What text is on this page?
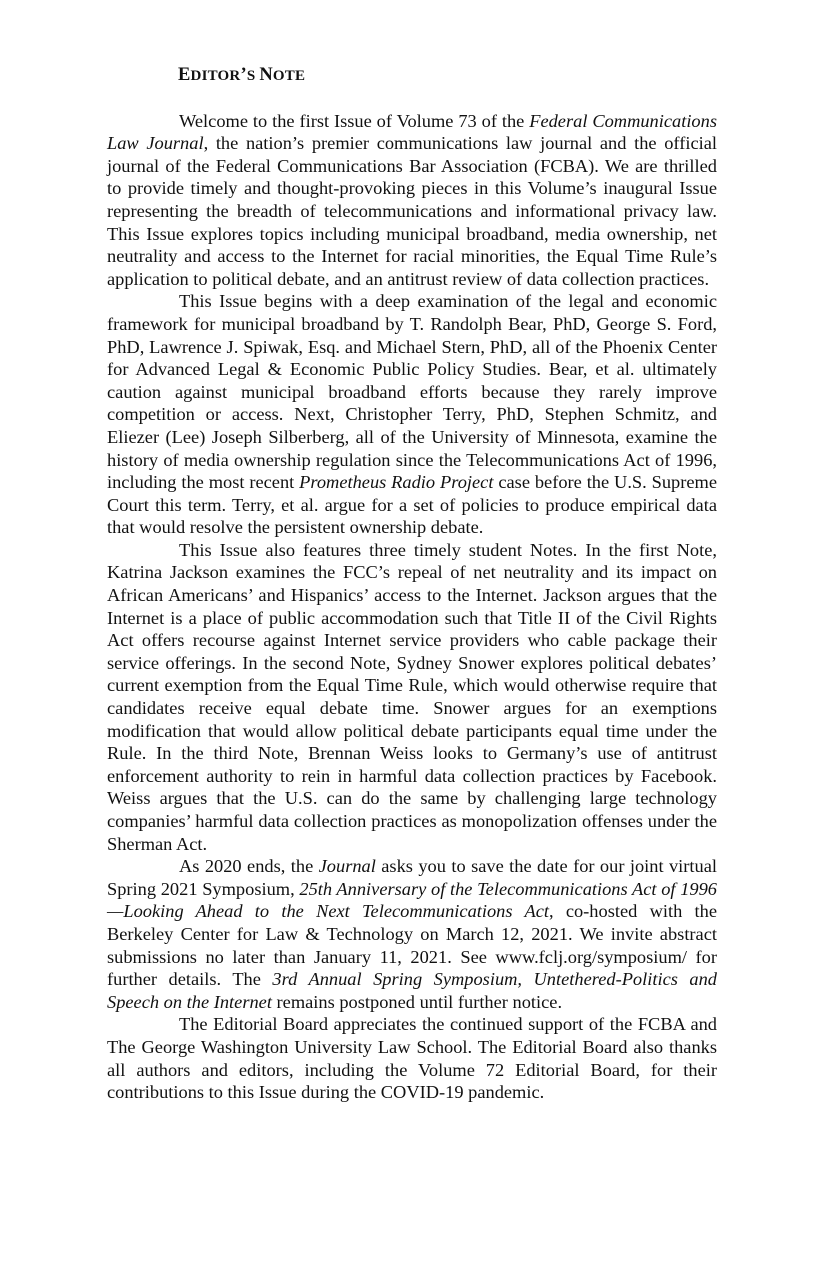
EDITOR’S NOTE

Welcome to the first Issue of Volume 73 of the Federal Communications Law Journal, the nation’s premier communications law journal and the official journal of the Federal Communications Bar Association (FCBA). We are thrilled to provide timely and thought-provoking pieces in this Volume’s inaugural Issue representing the breadth of telecommunications and informational privacy law. This Issue explores topics including municipal broadband, media ownership, net neutrality and access to the Internet for racial minorities, the Equal Time Rule’s application to political debate, and an antitrust review of data collection practices.

This Issue begins with a deep examination of the legal and economic framework for municipal broadband by T. Randolph Bear, PhD, George S. Ford, PhD, Lawrence J. Spiwak, Esq. and Michael Stern, PhD, all of the Phoenix Center for Advanced Legal & Economic Public Policy Studies. Bear, et al. ultimately caution against municipal broadband efforts because they rarely improve competition or access. Next, Christopher Terry, PhD, Stephen Schmitz, and Eliezer (Lee) Joseph Silberberg, all of the University of Minnesota, examine the history of media ownership regulation since the Telecommunications Act of 1996, including the most recent Prometheus Radio Project case before the U.S. Supreme Court this term. Terry, et al. argue for a set of policies to produce empirical data that would resolve the persistent ownership debate.

This Issue also features three timely student Notes. In the first Note, Katrina Jackson examines the FCC’s repeal of net neutrality and its impact on African Americans’ and Hispanics’ access to the Internet. Jackson argues that the Internet is a place of public accommodation such that Title II of the Civil Rights Act offers recourse against Internet service providers who cable package their service offerings. In the second Note, Sydney Snower explores political debates’ current exemption from the Equal Time Rule, which would otherwise require that candidates receive equal debate time. Snower argues for an exemptions modification that would allow political debate participants equal time under the Rule. In the third Note, Brennan Weiss looks to Germany’s use of antitrust enforcement authority to rein in harmful data collection practices by Facebook. Weiss argues that the U.S. can do the same by challenging large technology companies’ harmful data collection practices as monopolization offenses under the Sherman Act.

As 2020 ends, the Journal asks you to save the date for our joint virtual Spring 2021 Symposium, 25th Anniversary of the Telecommunications Act of 1996—Looking Ahead to the Next Telecommunications Act, co-hosted with the Berkeley Center for Law & Technology on March 12, 2021. We invite abstract submissions no later than January 11, 2021. See www.fclj.org/symposium/ for further details. The 3rd Annual Spring Symposium, Untethered-Politics and Speech on the Internet remains postponed until further notice.

The Editorial Board appreciates the continued support of the FCBA and The George Washington University Law School. The Editorial Board also thanks all authors and editors, including the Volume 72 Editorial Board, for their contributions to this Issue during the COVID-19 pandemic.
